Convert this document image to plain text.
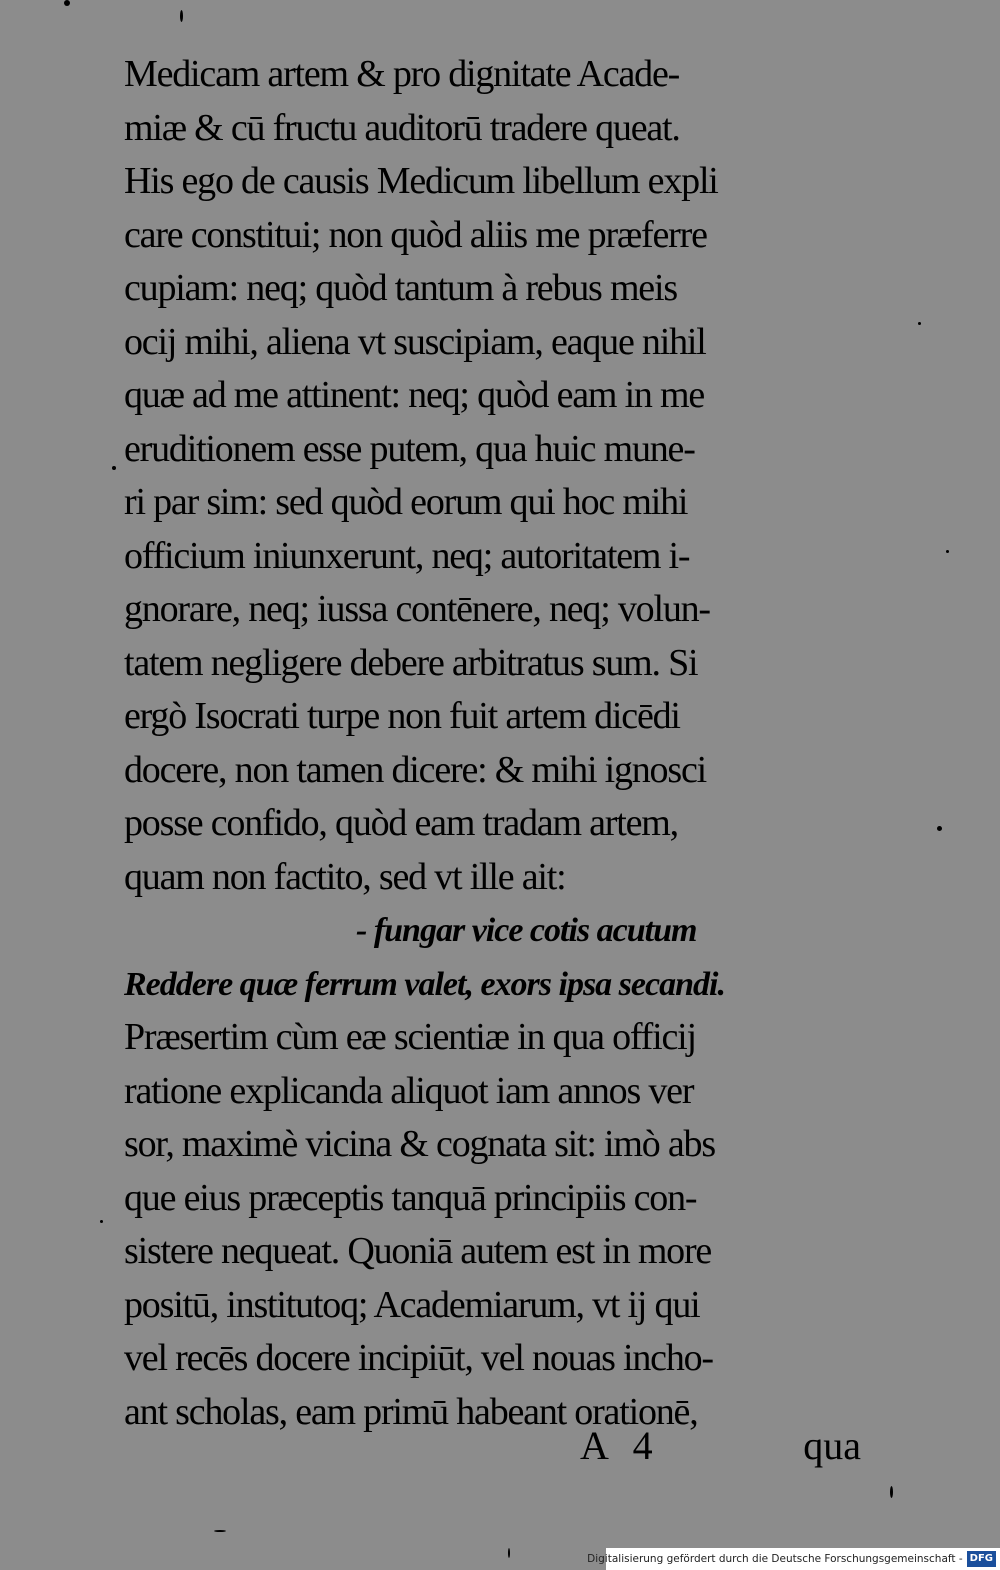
Medicam artem & pro dignitate Acade-
miæ & cū fructu auditorū tradere queat.
His ego de causis Medicum libellum expli
care constitui; non quòd aliis me præferre
cupiam: neq; quòd tantum à rebus meis
ocij mihi, aliena vt suscipiam, eaque nihil
quæ ad me attinent: neq; quòd eam in me
eruditionem esse putem, qua huic mune-
ri par sim: sed quòd eorum qui hoc mihi
officium iniunxerunt, neq; autoritatem i-
gnorare, neq; iussa contēnere, neq; volun-
tatem negligere debere arbitratus sum. Si
ergò Isocrati turpe non fuit artem dicēdi
docere, non tamen dicere: & mihi ignosci
posse confido, quòd eam tradam artem,
quam non factito, sed vt ille ait:
- fungar vice cotis acutum
Reddere quæ ferrum valet, exors ipsa secandi.
Præsertim cùm eæ scientiæ in qua officij
ratione explicanda aliquot iam annos ver
sor, maximè vicina & cognata sit: imò abs
que eius præceptis tanquā principiis con-
sistere nequeat. Quoniā autem est in more
positū, institutoq; Academiarum, vt ij qui
vel recēs docere incipiūt, vel nouas incho-
ant scholas, eam primū habeant orationē,
A 4	qua
Digitalisierung gefördert durch die Deutsche Forschungsgemeinschaft - DFG
